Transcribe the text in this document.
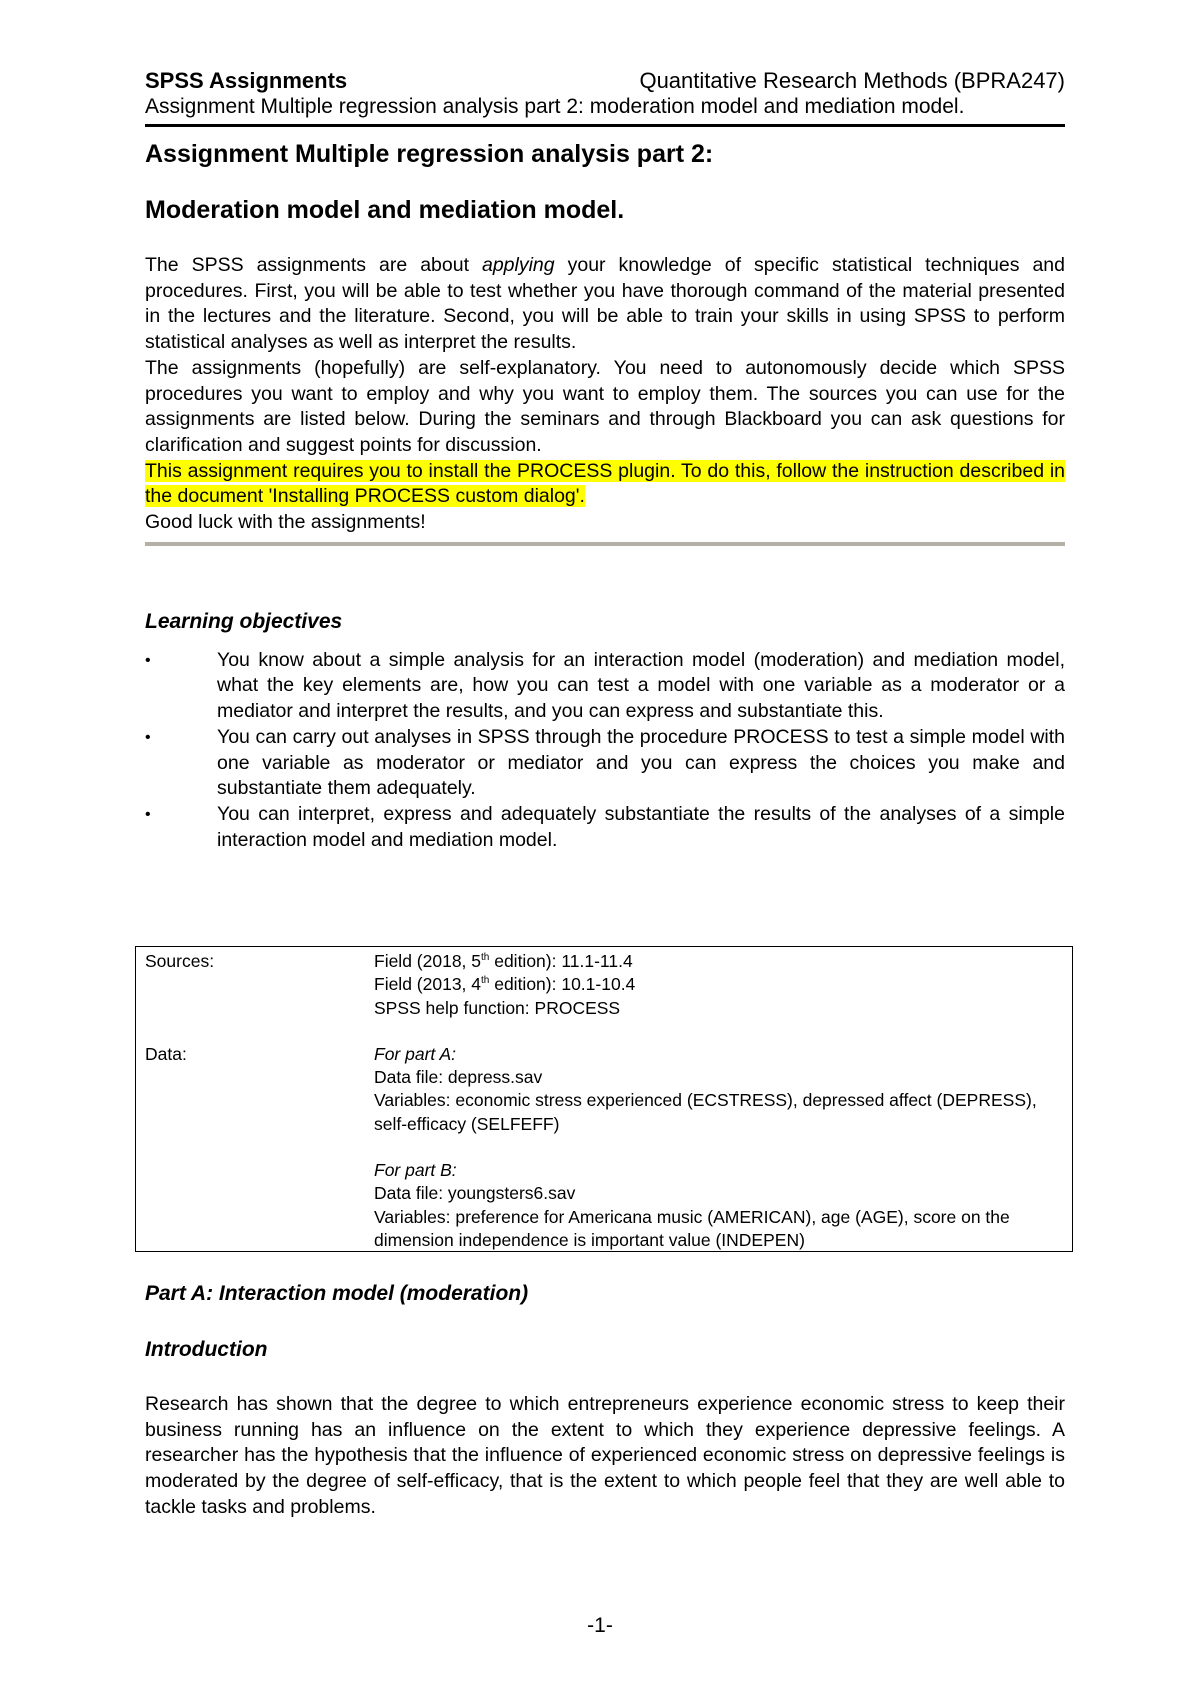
SPSS Assignments	Quantitative Research Methods (BPRA247)
Assignment Multiple regression analysis part 2: moderation model and mediation model.
Assignment Multiple regression analysis part 2:
Moderation model and mediation model.

The SPSS assignments are about applying your knowledge of specific statistical techniques and procedures. First, you will be able to test whether you have thorough command of the material presented in the lectures and the literature. Second, you will be able to train your skills in using SPSS to perform statistical analyses as well as interpret the results.

The assignments (hopefully) are self-explanatory. You need to autonomously decide which SPSS procedures you want to employ and why you want to employ them. The sources you can use for the assignments are listed below. During the seminars and through Blackboard you can ask questions for clarification and suggest points for discussion.

This assignment requires you to install the PROCESS plugin. To do this, follow the instruction described in the document 'Installing PROCESS custom dialog'.

Good luck with the assignments!

Learning objectives
•	You know about a simple analysis for an interaction model (moderation) and mediation model, what the key elements are, how you can test a model with one variable as a moderator or a mediator and interpret the results, and you can express and substantiate this.
•	You can carry out analyses in SPSS through the procedure PROCESS to test a simple model with one variable as moderator or mediator and you can express the choices you make and substantiate them adequately.
•	You can interpret, express and adequately substantiate the results of the analyses of a simple interaction model and mediation model.
Sources:	Field (2018, 5th edition): 11.1-11.4
Field (2013, 4th edition): 10.1-10.4
SPSS help function: PROCESS
Data:	For part A:
Data file: depress.sav
Variables: economic stress experienced (ECSTRESS), depressed affect (DEPRESS), self-efficacy (SELFEFF)
For part B:
Data file: youngsters6.sav
Variables: preference for Americana music (AMERICAN), age (AGE), score on the dimension independence is important value (INDEPEN)
Part A: Interaction model (moderation)
Introduction
Research has shown that the degree to which entrepreneurs experience economic stress to keep their business running has an influence on the extent to which they experience depressive feelings. A researcher has the hypothesis that the influence of experienced economic stress on depressive feelings is moderated by the degree of self-efficacy, that is the extent to which people feel that they are well able to tackle tasks and problems.
-1-
